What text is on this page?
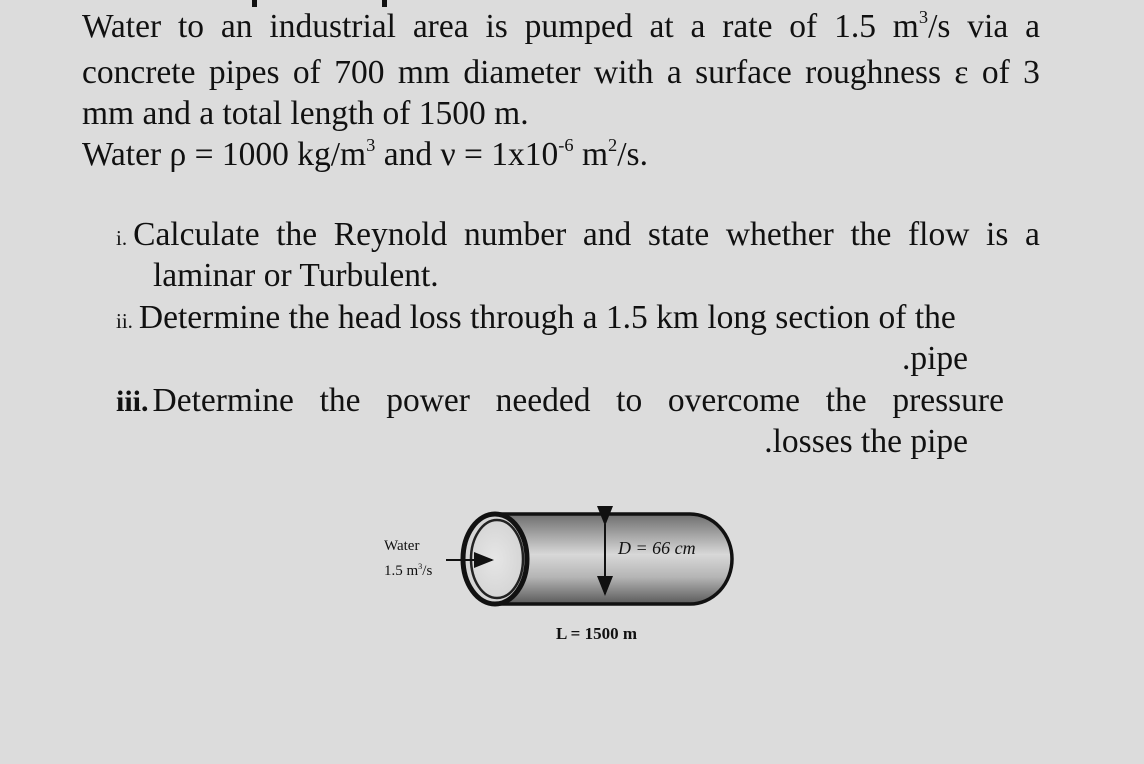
Water to an industrial area is pumped at a rate of 1.5 $m^3/s$ via a
concrete pipes of 700 mm diameter with a surface roughness ε of 3
mm and a total length of 1500 m.
Water ρ = 1000 $kg/m^3$ and $\nu = 1x10^{-6}$ $m^2/s$.
i. Calculate the Reynold number and state whether the flow is a
laminar or Turbulent.
ii. Determine the head loss through a 1.5 km long section of the
.pipe
iii. Determine the power needed to overcome the pressure
.losses the pipe
Water
1.5 $m^3/s$
D = 66 cm
L = 1500 m
